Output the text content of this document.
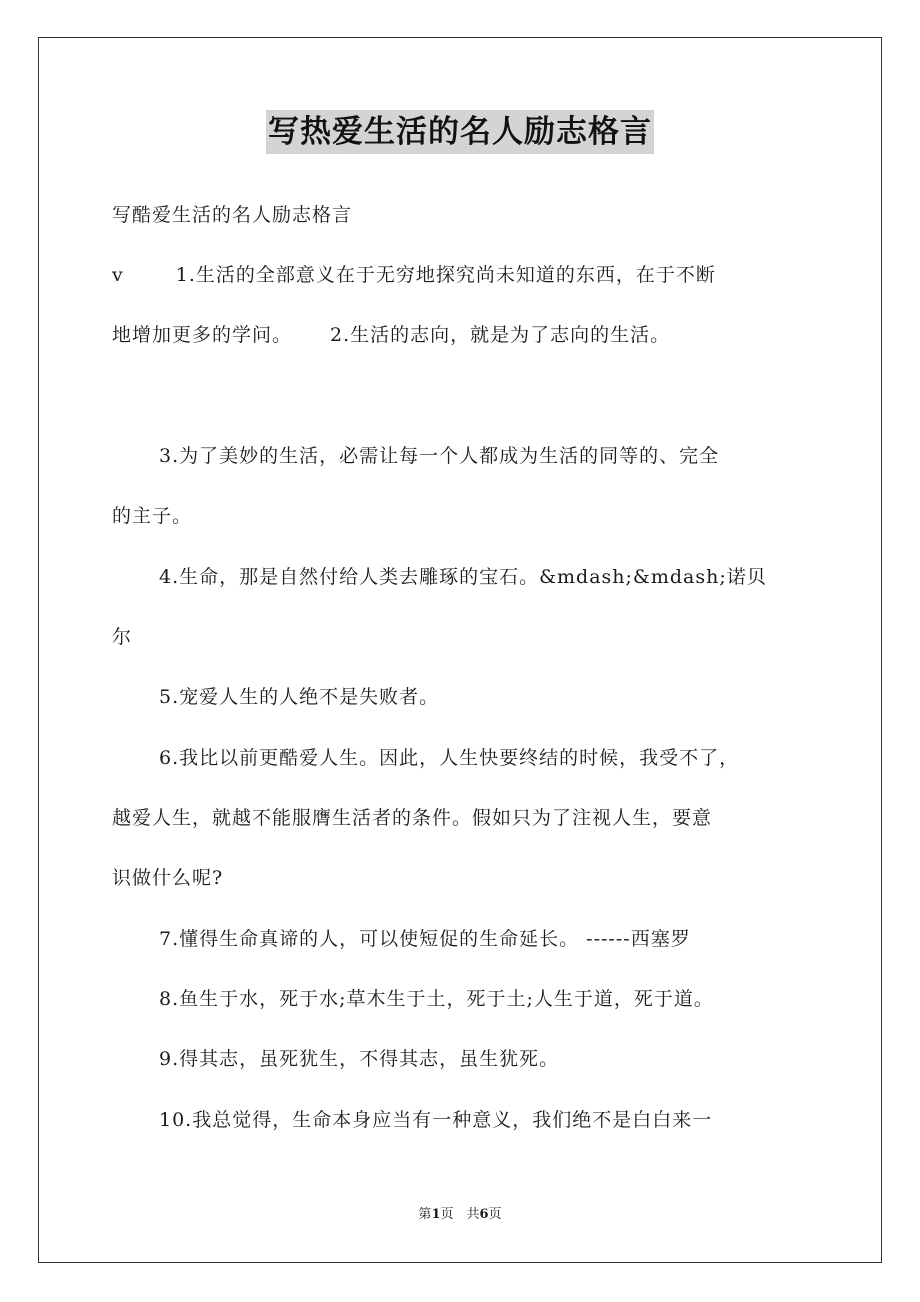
写热爱生活的名人励志格言
写酷爱生活的名人励志格言
v	1.生活的全部意义在于无穷地探究尚未知道的东西，在于不断
地增加更多的学问。 2.生活的志向，就是为了志向的生活。
3.为了美妙的生活，必需让每一个人都成为生活的同等的、完全
的主子。
4.生命，那是自然付给人类去雕琢的宝石。&mdash;&mdash;诺贝
尔
5.宠爱人生的人绝不是失败者。
6.我比以前更酷爱人生。因此，人生快要终结的时候，我受不了，
越爱人生，就越不能服膺生活者的条件。假如只为了注视人生，要意
识做什么呢?
7.懂得生命真谛的人，可以使短促的生命延长。 ------西塞罗
8.鱼生于水，死于水;草木生于土，死于土;人生于道，死于道。
9.得其志，虽死犹生，不得其志，虽生犹死。
10.我总觉得，生命本身应当有一种意义，我们绝不是白白来一
第1页　共6页
